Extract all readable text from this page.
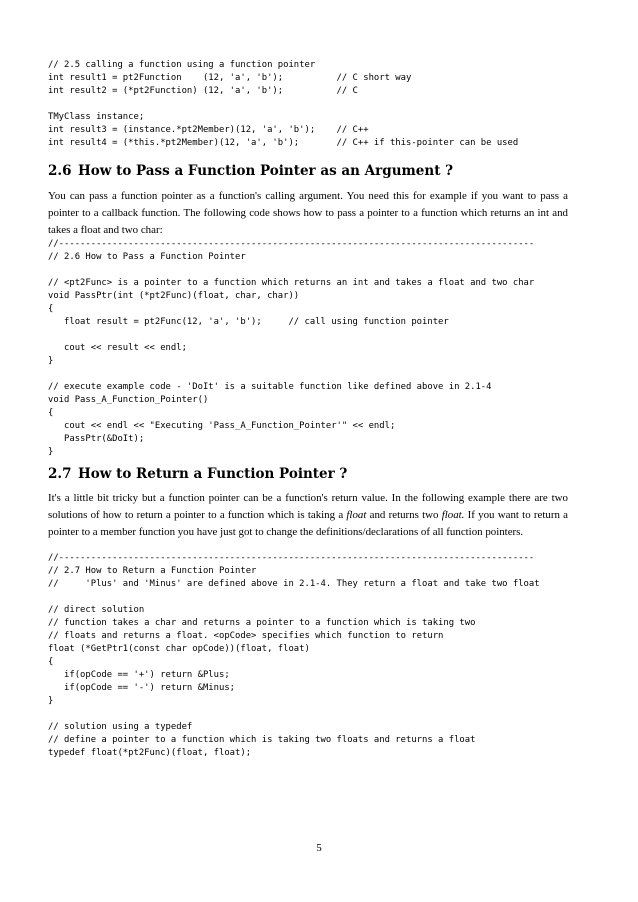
// 2.5 calling a function using a function pointer
int result1 = pt2Function    (12, 'a', 'b');          // C short way
int result2 = (*pt2Function) (12, 'a', 'b');          // C
TMyClass instance;
int result3 = (instance.*pt2Member)(12, 'a', 'b');    // C++
int result4 = (*this.*pt2Member)(12, 'a', 'b');       // C++ if this-pointer can be used
2.6 How to Pass a Function Pointer as an Argument ?

You can pass a function pointer as a function's calling argument. You need this for example if you want to pass a pointer to a callback function. The following code shows how to pass a pointer to a function which returns an int and takes a float and two char:

//-----------------------------------------------------------------------------------------
// 2.6 How to Pass a Function Pointer
// <pt2Func> is a pointer to a function which returns an int and takes a float and two char
void PassPtr(int (*pt2Func)(float, char, char))
{
float result = pt2Func(12, 'a', 'b');     // call using function pointer
cout << result << endl;
}
// execute example code - 'DoIt' is a suitable function like defined above in 2.1-4
void Pass_A_Function_Pointer()
{
cout << endl << "Executing 'Pass_A_Function_Pointer'" << endl;
PassPtr(&DoIt);
}
2.7 How to Return a Function Pointer ?

It's a little bit tricky but a function pointer can be a function's return value. In the following example there are two solutions of how to return a pointer to a function which is taking a float and returns two float. If you want to return a pointer to a member function you have just got to change the definitions/declarations of all function pointers.

//-----------------------------------------------------------------------------------------
// 2.7 How to Return a Function Pointer
//     'Plus' and 'Minus' are defined above in 2.1-4. They return a float and take two float
// direct solution
// function takes a char and returns a pointer to a function which is taking two
// floats and returns a float. <opCode> specifies which function to return
float (*GetPtr1(const char opCode))(float, float)
{
if(opCode == '+') return &Plus;
if(opCode == '-') return &Minus;
}
// solution using a typedef
// define a pointer to a function which is taking two floats and returns a float
typedef float(*pt2Func)(float, float);
5
